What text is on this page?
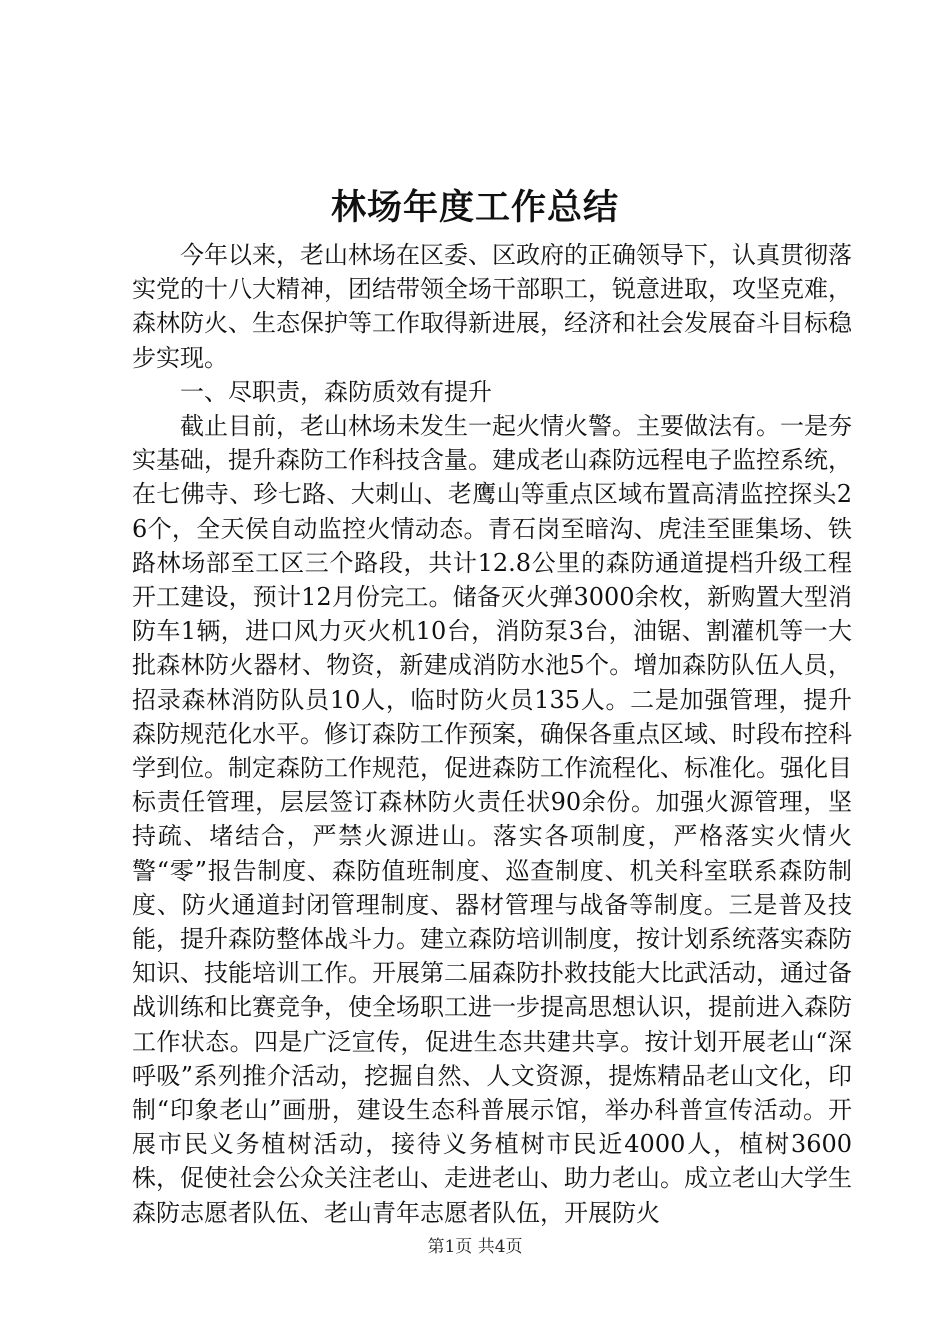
林场年度工作总结

今年以来，老山林场在区委、区政府的正确领导下，认真贯彻落实党的十八大精神，团结带领全场干部职工，锐意进取，攻坚克难，森林防火、生态保护等工作取得新进展，经济和社会发展奋斗目标稳步实现。

一、尽职责，森防质效有提升

截止目前，老山林场未发生一起火情火警。主要做法有。一是夯实基础，提升森防工作科技含量。建成老山森防远程电子监控系统，在七佛寺、珍七路、大刺山、老鹰山等重点区域布置高清监控探头26个，全天侯自动监控火情动态。青石岗至暗沟、虎洼至匪集场、铁路林场部至工区三个路段，共计12.8公里的森防通道提档升级工程开工建设，预计12月份完工。储备灭火弹3000余枚，新购置大型消防车1辆，进口风力灭火机10台，消防泵3台，油锯、割灌机等一大批森林防火器材、物资，新建成消防水池5个。增加森防队伍人员，招录森林消防队员10人，临时防火员135人。二是加强管理，提升森防规范化水平。修订森防工作预案，确保各重点区域、时段布控科学到位。制定森防工作规范，促进森防工作流程化、标准化。强化目标责任管理，层层签订森林防火责任状90余份。加强火源管理，坚持疏、堵结合，严禁火源进山。落实各项制度，严格落实火情火警“零”报告制度、森防值班制度、巡查制度、机关科室联系森防制度、防火通道封闭管理制度、器材管理与战备等制度。三是普及技能，提升森防整体战斗力。建立森防培训制度，按计划系统落实森防知识、技能培训工作。开展第二届森防扑救技能大比武活动，通过备战训练和比赛竞争，使全场职工进一步提高思想认识，提前进入森防工作状态。四是广泛宣传，促进生态共建共享。按计划开展老山“深呼吸”系列推介活动，挖掘自然、人文资源，提炼精品老山文化，印制“印象老山”画册，建设生态科普展示馆，举办科普宣传活动。开展市民义务植树活动，接待义务植树市民近4000人，植树3600株，促使社会公众关注老山、走进老山、助力老山。成立老山大学生森防志愿者队伍、老山青年志愿者队伍，开展防火

第1页 共4页
